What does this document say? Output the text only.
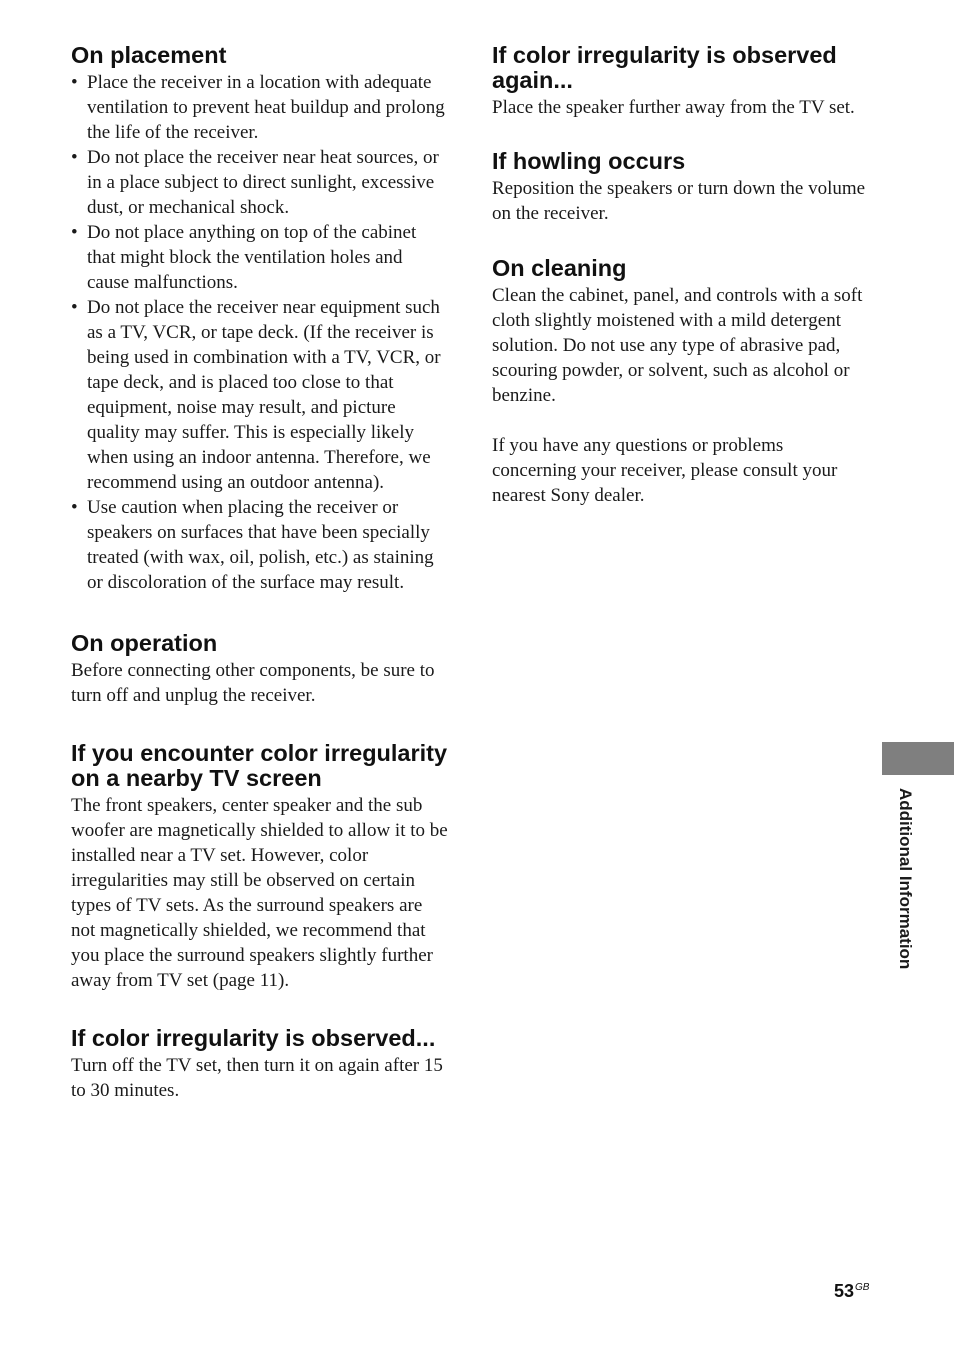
On placement
• Place the receiver in a location with adequate ventilation to prevent heat buildup and prolong the life of the receiver.
• Do not place the receiver near heat sources, or in a place subject to direct sunlight, excessive dust, or mechanical shock.
• Do not place anything on top of the cabinet that might block the ventilation holes and cause malfunctions.
• Do not place the receiver near equipment such as a TV, VCR, or tape deck. (If the receiver is being used in combination with a TV, VCR, or tape deck, and is placed too close to that equipment, noise may result, and picture quality may suffer. This is especially likely when using an indoor antenna. Therefore, we recommend using an outdoor antenna).
• Use caution when placing the receiver or speakers on surfaces that have been specially treated (with wax, oil, polish, etc.) as staining or discoloration of the surface may result.
On operation

Before connecting other components, be sure to turn off and unplug the receiver.

If you encounter color irregularity on a nearby TV screen

The front speakers, center speaker and the sub woofer are magnetically shielded to allow it to be installed near a TV set. However, color irregularities may still be observed on certain types of TV sets. As the surround speakers are not magnetically shielded, we recommend that you place the surround speakers slightly further away from TV set (page 11).

If color irregularity is observed...

Turn off the TV set, then turn it on again after 15 to 30 minutes.

If color irregularity is observed again...

Place the speaker further away from the TV set.

If howling occurs

Reposition the speakers or turn down the volume on the receiver.

On cleaning

Clean the cabinet, panel, and controls with a soft cloth slightly moistened with a mild detergent solution. Do not use any type of abrasive pad, scouring powder, or solvent, such as alcohol or benzine.

If you have any questions or problems concerning your receiver, please consult your nearest Sony dealer.

Additional Information
$53^{GB}$
